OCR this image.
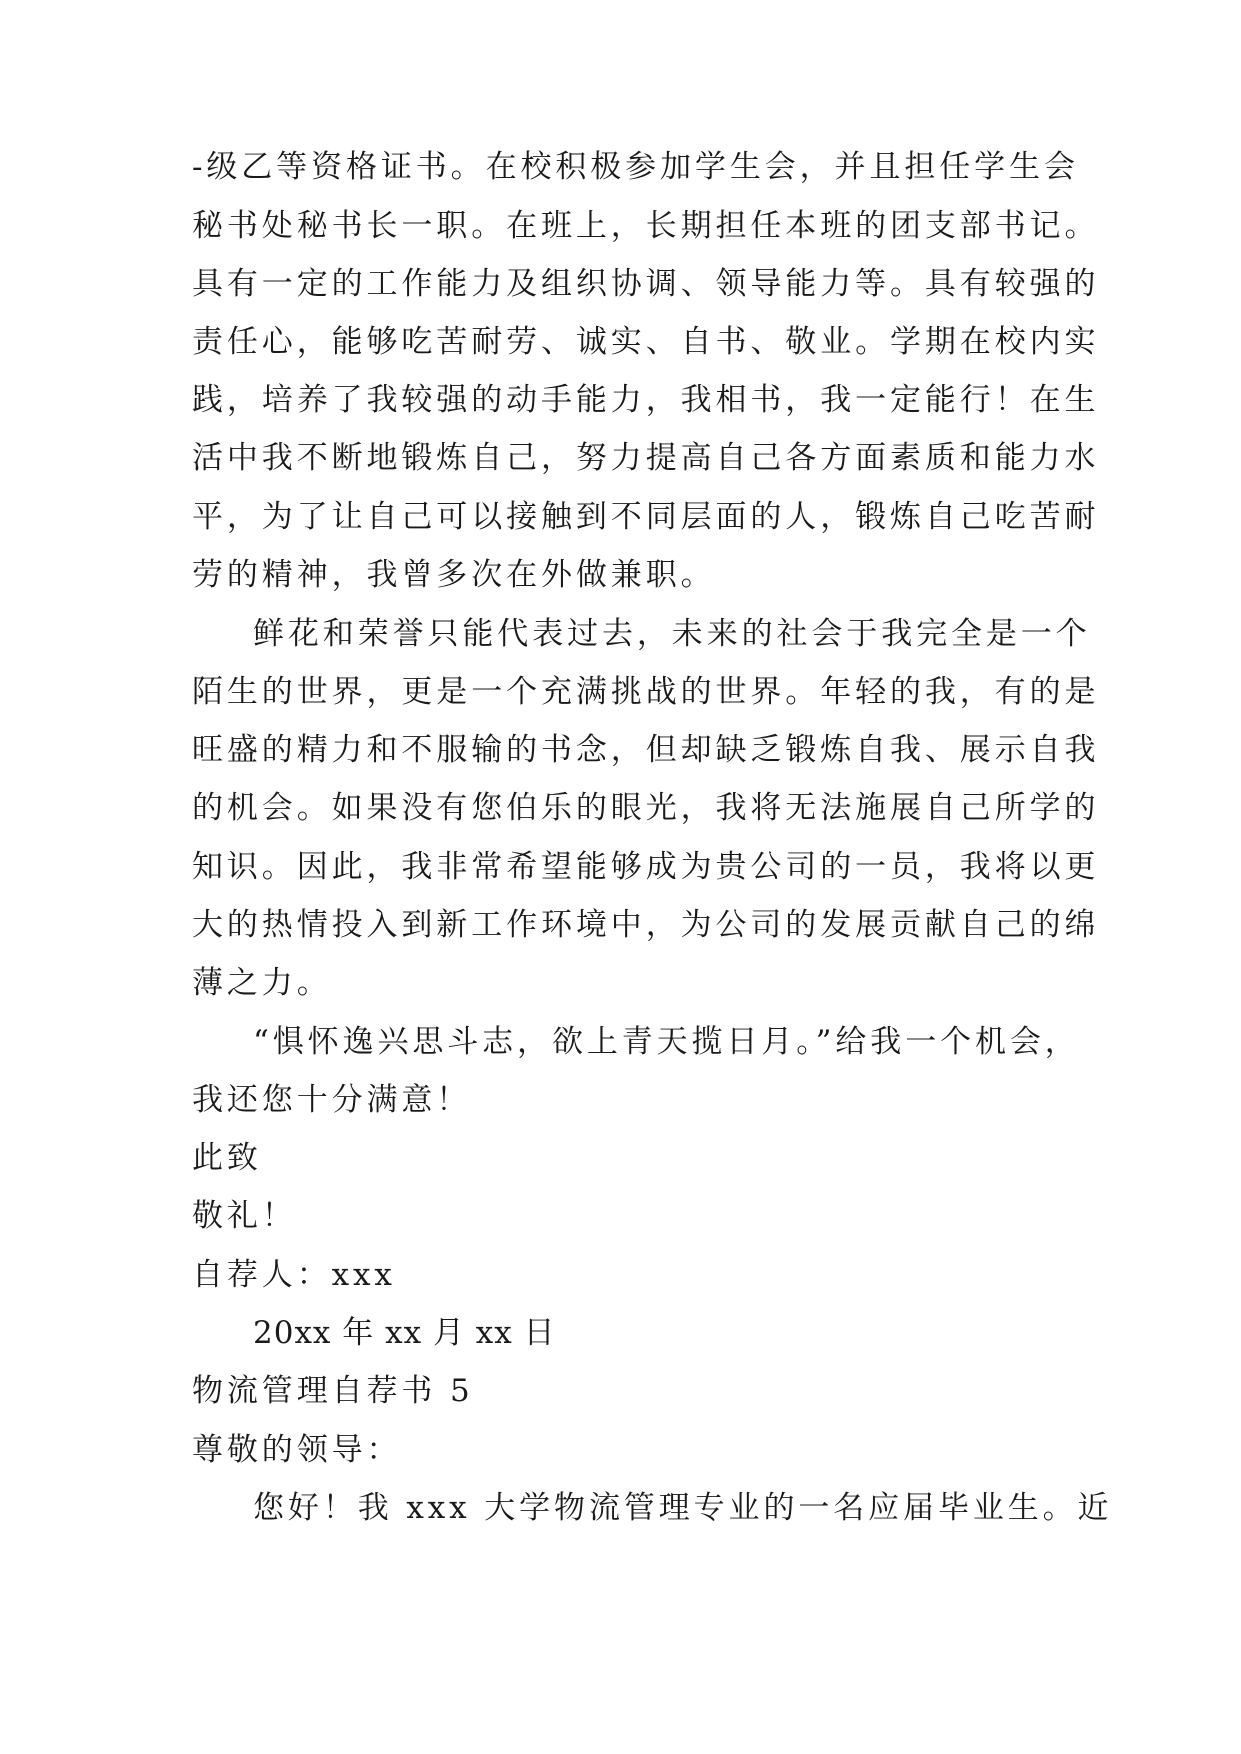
-级乙等资格证书。在校积极参加学生会，并且担任学生会

秘书处秘书长一职。在班上，长期担任本班的团支部书记。

具有一定的工作能力及组织协调、领导能力等。具有较强的

责任心，能够吃苦耐劳、诚实、自书、敬业。学期在校内实

践，培养了我较强的动手能力，我相书，我一定能行！在生

活中我不断地锻炼自己，努力提高自己各方面素质和能力水

平，为了让自己可以接触到不同层面的人，锻炼自己吃苦耐

劳的精神，我曾多次在外做兼职。

鲜花和荣誉只能代表过去，未来的社会于我完全是一个

陌生的世界，更是一个充满挑战的世界。年轻的我，有的是

旺盛的精力和不服输的书念，但却缺乏锻炼自我、展示自我

的机会。如果没有您伯乐的眼光，我将无法施展自己所学的

知识。因此，我非常希望能够成为贵公司的一员，我将以更

大的热情投入到新工作环境中，为公司的发展贡献自己的绵

薄之力。

“惧怀逸兴思斗志，欲上青天揽日月。”给我一个机会，

我还您十分满意！

此致

敬礼！

自荐人：xxx

20xx 年 xx 月 xx 日

物流管理自荐书 5

尊敬的领导：

您好！我 xxx 大学物流管理专业的一名应届毕业生。近
